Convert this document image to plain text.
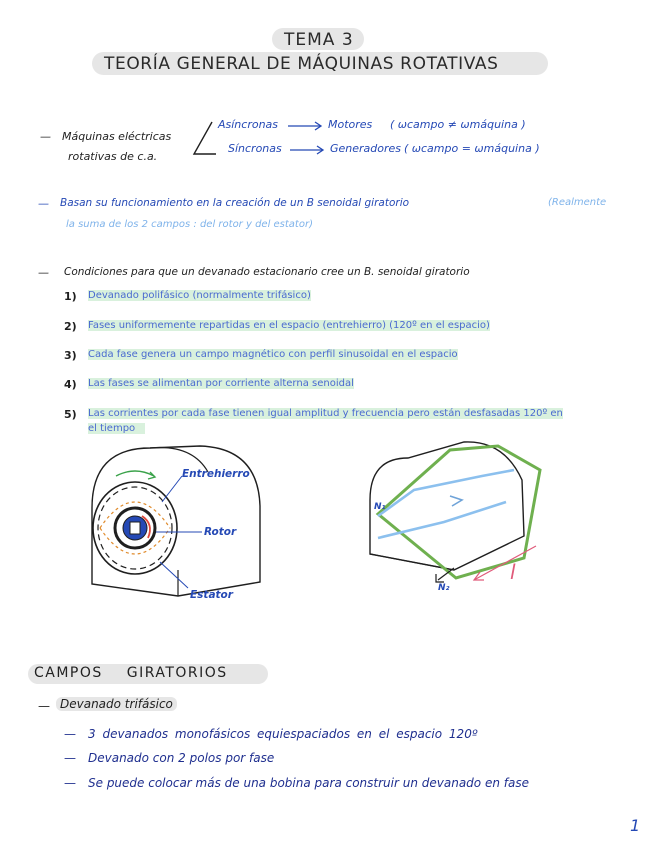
TEMA 3
TEORÍA GENERAL DE MÁQUINAS ROTATIVAS
— Máquinas eléctricas
rotativas de c.a.
Asíncronas	Motores ( ωcampo ≠ ωmáquina )
Síncronas	Generadores ( ωcampo = ωmáquina )
— Basan su funcionamiento en la creación de un B senoidal giratorio	(Realmente
la suma de los 2 campos : del rotor y del estator)
— Condiciones para que un devanado estacionario cree un B. senoidal giratorio
1) Devanado polifásico (normalmente trifásico)
2) Fases uniformemente repartidas en el espacio (entrehierro) (120º en el espacio)
3) Cada fase genera un campo magnético con perfil sinusoidal en el espacio
4) Las fases se alimentan por corriente alterna senoidal
5) Las corrientes por cada fase tienen igual amplitud y frecuencia pero están desfasadas 120º en
el tiempo
Entrehierro
Rotor
Estator
N₁
N₂
l
CAMPOS GIRATORIOS
— Devanado trifásico
— 3 devanados monofásicos equiespaciados en el espacio 120º
— Devanado con 2 polos por fase
— Se puede colocar más de una bobina para construir un devanado en fase
1
